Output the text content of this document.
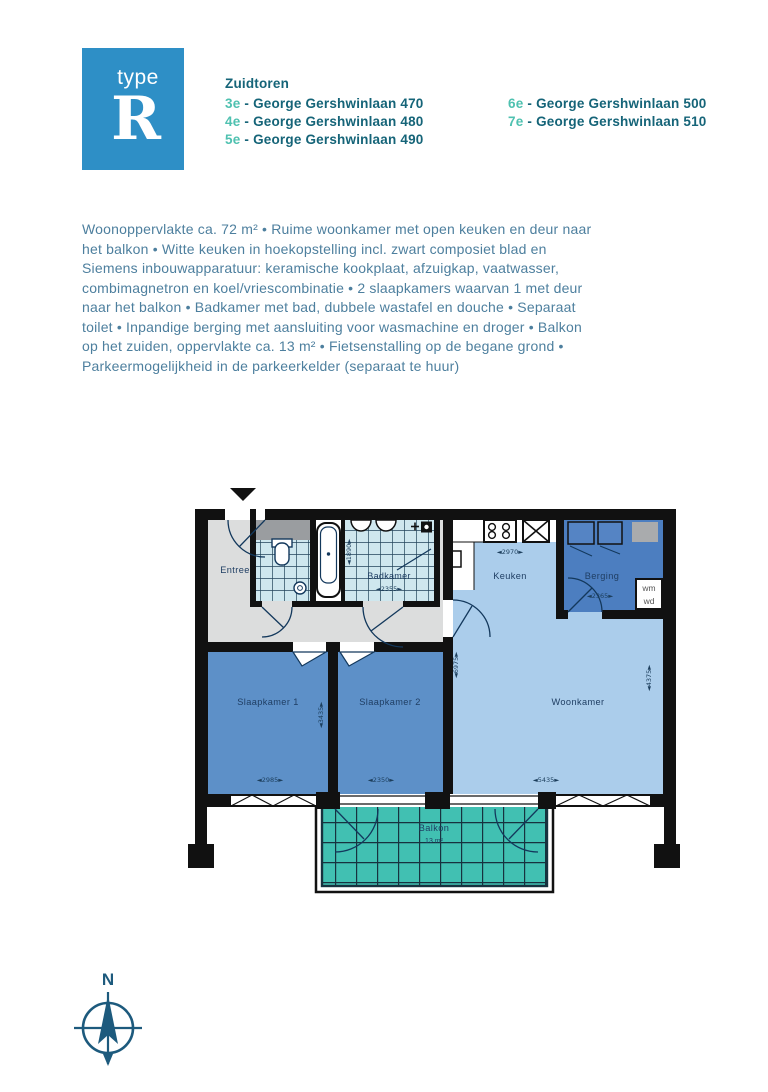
type
R
Zuidtoren
3e - George Gershwinlaan 470
4e - George Gershwinlaan 480
5e - George Gershwinlaan 490
6e - George Gershwinlaan 500
7e - George Gershwinlaan 510

Woonoppervlakte ca. 72 m² • Ruime woonkamer met open keuken en deur naar het balkon • Witte keuken in hoekopstelling incl. zwart composiet blad en Siemens inbouwapparatuur: keramische kookplaat, afzuigkap, vaatwasser, combimagnetron en koel/vriescombinatie • 2 slaapkamers waarvan 1 met deur naar het balkon • Badkamer met bad, dubbele wastafel en douche • Separaat toilet • Inpandige berging met aansluiting voor wasmachine en droger • Balkon op het zuiden, oppervlakte ca. 13 m² • Fietsenstalling op de begane grond • Parkeermogelijkheid in de parkeerkelder (separaat te huur)

wm
wd
Entree
Badkamer	Keuken	Berging
Slaapkamer 1	Slaapkamer 2	Woonkamer
Balkon
13 m²
◄2985►	◄2350►	◄5435►
◄3435►
◄6975►	◄4375►
◄2355►
◄1890►	◄2970►
◄2365►
N
